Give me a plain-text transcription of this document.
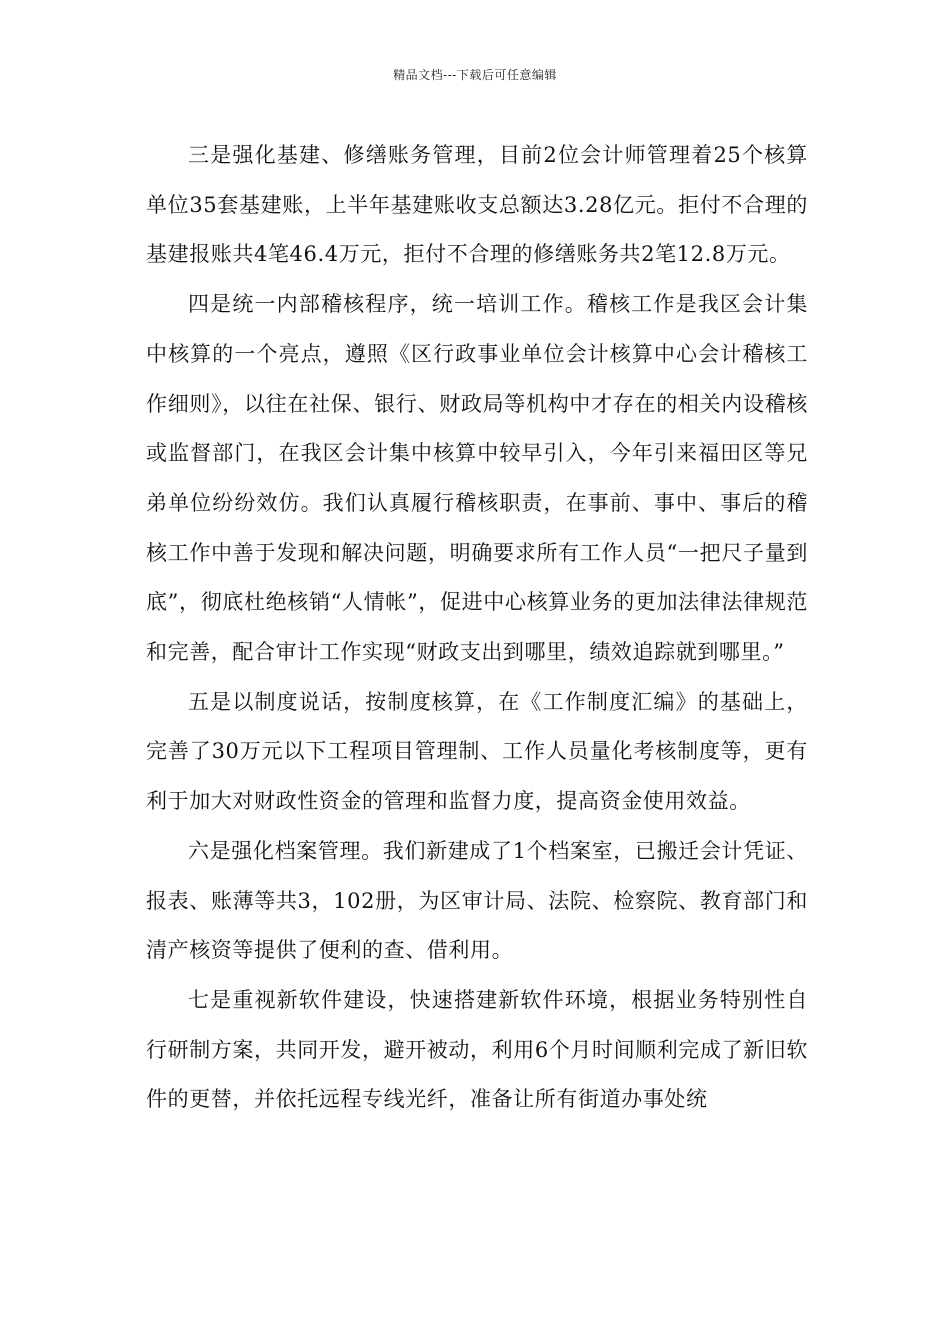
精品文档---下载后可任意编辑

三是强化基建、修缮账务管理，目前2位会计师管理着25个核算单位35套基建账，上半年基建账收支总额达3.28亿元。拒付不合理的基建报账共4笔46.4万元，拒付不合理的修缮账务共2笔12.8万元。

四是统一内部稽核程序，统一培训工作。稽核工作是我区会计集中核算的一个亮点，遵照《区行政事业单位会计核算中心会计稽核工作细则》，以往在社保、银行、财政局等机构中才存在的相关内设稽核或监督部门，在我区会计集中核算中较早引入，今年引来福田区等兄弟单位纷纷效仿。我们认真履行稽核职责，在事前、事中、事后的稽核工作中善于发现和解决问题，明确要求所有工作人员“一把尺子量到底”，彻底杜绝核销“人情帐”，促进中心核算业务的更加法律法律规范和完善，配合审计工作实现“财政支出到哪里，绩效追踪就到哪里。”

五是以制度说话，按制度核算，在《工作制度汇编》的基础上，完善了30万元以下工程项目管理制、工作人员量化考核制度等，更有利于加大对财政性资金的管理和监督力度，提高资金使用效益。

六是强化档案管理。我们新建成了1个档案室，已搬迁会计凭证、报表、账薄等共3，102册，为区审计局、法院、检察院、教育部门和清产核资等提供了便利的查、借利用。

七是重视新软件建设，快速搭建新软件环境，根据业务特别性自行研制方案，共同开发，避开被动，利用6个月时间顺利完成了新旧软件的更替，并依托远程专线光纤，准备让所有街道办事处统
